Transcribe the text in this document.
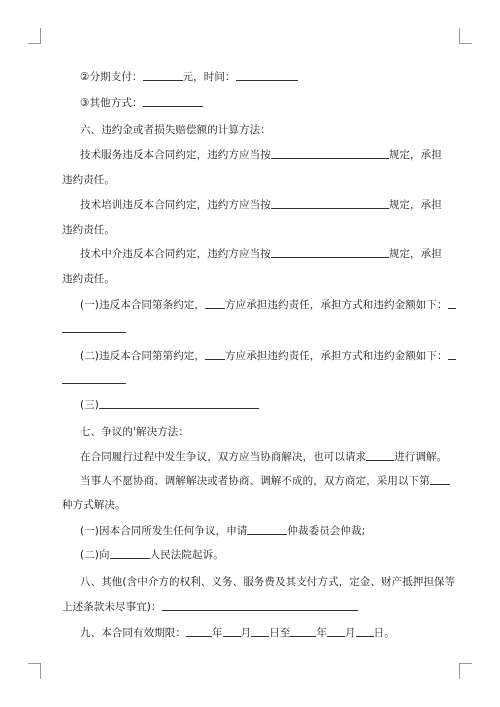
②分期支付：	元，时间：
③其他方式：
六、违约金或者损失赔偿额的计算方法：
技术服务违反本合同约定，违约方应当按	规定，承担
违约责任。
技术培训违反本合同约定，违约方应当按	规定，承担
违约责任。
技术中介违反本合同约定，违约方应当按	规定，承担
违约责任。
(一)违反本合同第条约定， 方应承担违约责任，承担方式和违约金额如下：
(二)违反本合同第第约定， 方应承担违约责任，承担方式和违约金额如下：
(三)
七、争议的'解决方法：
在合同履行过程中发生争议，双方应当协商解决，也可以请求	进行调解。
当事人不愿协商、调解解决或者协商、调解不成的，双方商定，采用以下第
种方式解决。
(一)因本合同所发生任何争议，申请	仲裁委员会仲裁;
(二)向	人民法院起诉。
八、其他(含中介方的权利、义务、服务费及其支付方式，定金、财产抵押担保等
上述条款未尽事宜)：
九、本合同有效期限： 年 月 日至 年 月 日。
